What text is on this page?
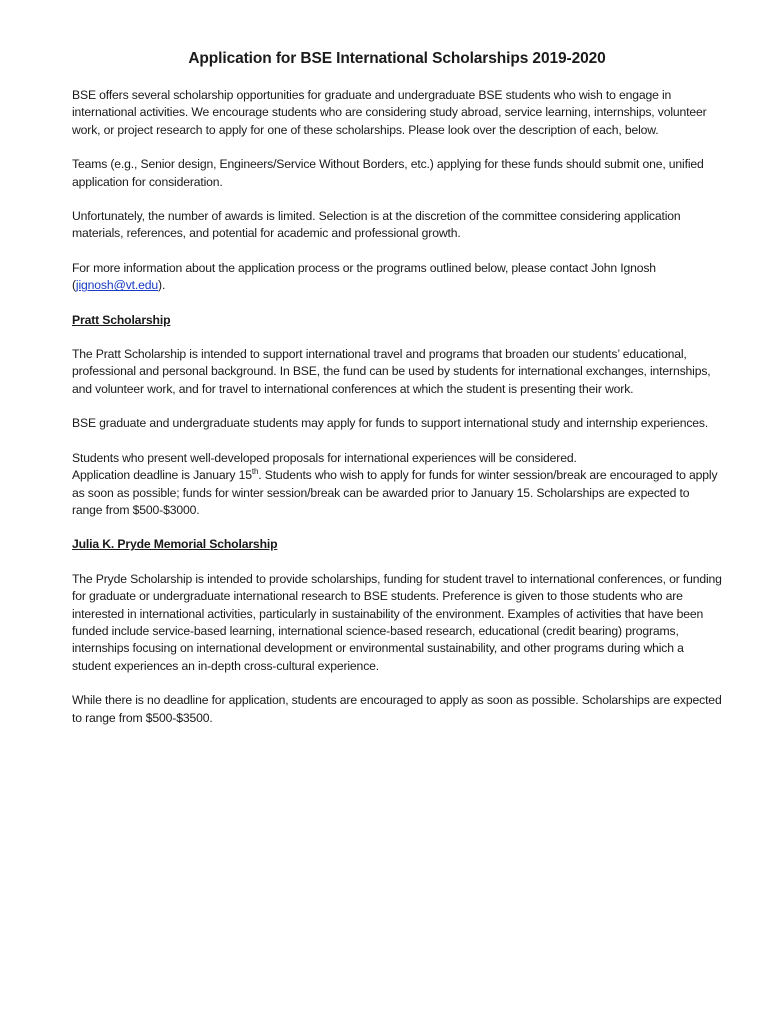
Application for BSE International Scholarships 2019-2020

BSE offers several scholarship opportunities for graduate and undergraduate BSE students who wish to engage in international activities. We encourage students who are considering study abroad, service learning, internships, volunteer work, or project research to apply for one of these scholarships. Please look over the description of each, below.

Teams (e.g., Senior design, Engineers/Service Without Borders, etc.) applying for these funds should submit one, unified application for consideration.

Unfortunately, the number of awards is limited. Selection is at the discretion of the committee considering application materials, references, and potential for academic and professional growth.

For more information about the application process or the programs outlined below, please contact John Ignosh (jignosh@vt.edu).

Pratt Scholarship

The Pratt Scholarship is intended to support international travel and programs that broaden our students’ educational, professional and personal background. In BSE, the fund can be used by students for international exchanges, internships, and volunteer work, and for travel to international conferences at which the student is presenting their work.

BSE graduate and undergraduate students may apply for funds to support international study and internship experiences.

Students who present well-developed proposals for international experiences will be considered.
Application deadline is January 15th. Students who wish to apply for funds for winter session/break are encouraged to apply as soon as possible; funds for winter session/break can be awarded prior to January 15. Scholarships are expected to range from $500-$3000.

Julia K. Pryde Memorial Scholarship

The Pryde Scholarship is intended to provide scholarships, funding for student travel to international conferences, or funding for graduate or undergraduate international research to BSE students. Preference is given to those students who are interested in international activities, particularly in sustainability of the environment. Examples of activities that have been funded include service-based learning, international science-based research, educational (credit bearing) programs, internships focusing on international development or environmental sustainability, and other programs during which a student experiences an in-depth cross-cultural experience.

While there is no deadline for application, students are encouraged to apply as soon as possible. Scholarships are expected to range from $500-$3500.
